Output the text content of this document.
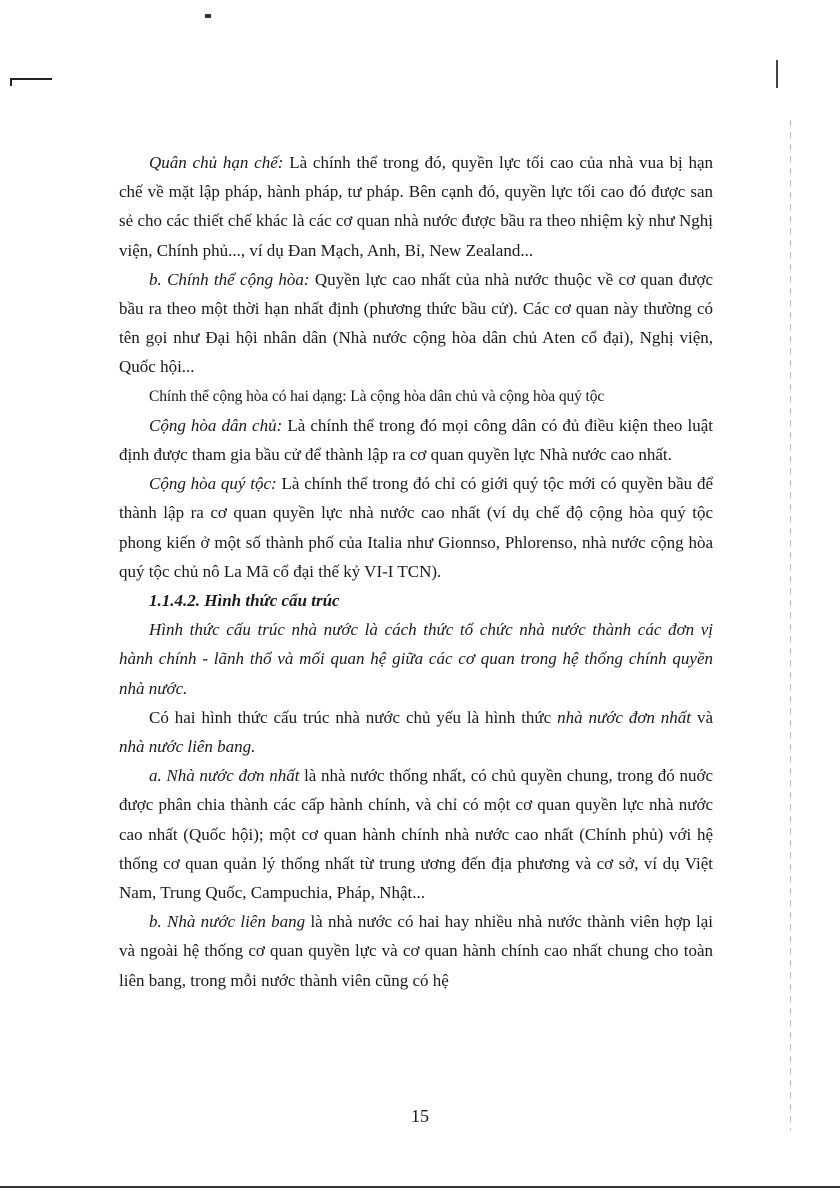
Quân chủ hạn chế: Là chính thể trong đó, quyền lực tối cao của nhà vua bị hạn chế về mặt lập pháp, hành pháp, tư pháp. Bên cạnh đó, quyền lực tối cao đó được san sẻ cho các thiết chế khác là các cơ quan nhà nước được bầu ra theo nhiệm kỳ như Nghị viện, Chính phủ..., ví dụ Đan Mạch, Anh, Bỉ, New Zealand...

b. Chính thể cộng hòa: Quyền lực cao nhất của nhà nước thuộc về cơ quan được bầu ra theo một thời hạn nhất định (phương thức bầu cử). Các cơ quan này thường có tên gọi như Đại hội nhân dân (Nhà nước cộng hòa dân chủ Aten cổ đại), Nghị viện, Quốc hội...

Chính thể cộng hòa có hai dạng: Là cộng hòa dân chủ và cộng hòa quý tộc

Cộng hòa dân chủ: Là chính thể trong đó mọi công dân có đủ điều kiện theo luật định được tham gia bầu cử để thành lập ra cơ quan quyền lực Nhà nước cao nhất.

Cộng hòa quý tộc: Là chính thể trong đó chỉ có giới quý tộc mới có quyền bầu để thành lập ra cơ quan quyền lực nhà nước cao nhất (ví dụ chế độ cộng hòa quý tộc phong kiến ở một số thành phố của Italia như Gionnso, Phlorenso, nhà nước cộng hòa quý tộc chủ nô La Mã cổ đại thế kỷ VI-I TCN).

1.1.4.2. Hình thức cấu trúc

Hình thức cấu trúc nhà nước là cách thức tổ chức nhà nước thành các đơn vị hành chính - lãnh thổ và mối quan hệ giữa các cơ quan trong hệ thống chính quyền nhà nước.

Có hai hình thức cấu trúc nhà nước chủ yếu là hình thức nhà nước đơn nhất và nhà nước liên bang.

a. Nhà nước đơn nhất là nhà nước thống nhất, có chủ quyền chung, trong đó nuớc được phân chia thành các cấp hành chính, và chỉ có một cơ quan quyền lực nhà nước cao nhất (Quốc hội); một cơ quan hành chính nhà nước cao nhất (Chính phủ) với hệ thống cơ quan quản lý thống nhất từ trung ương đến địa phương và cơ sở, ví dụ Việt Nam, Trung Quốc, Campuchia, Pháp, Nhật...

b. Nhà nước liên bang là nhà nước có hai hay nhiều nhà nước thành viên hợp lại và ngoài hệ thống cơ quan quyền lực và cơ quan hành chính cao nhất chung cho toàn liên bang, trong mỗi nước thành viên cũng có hệ

15
